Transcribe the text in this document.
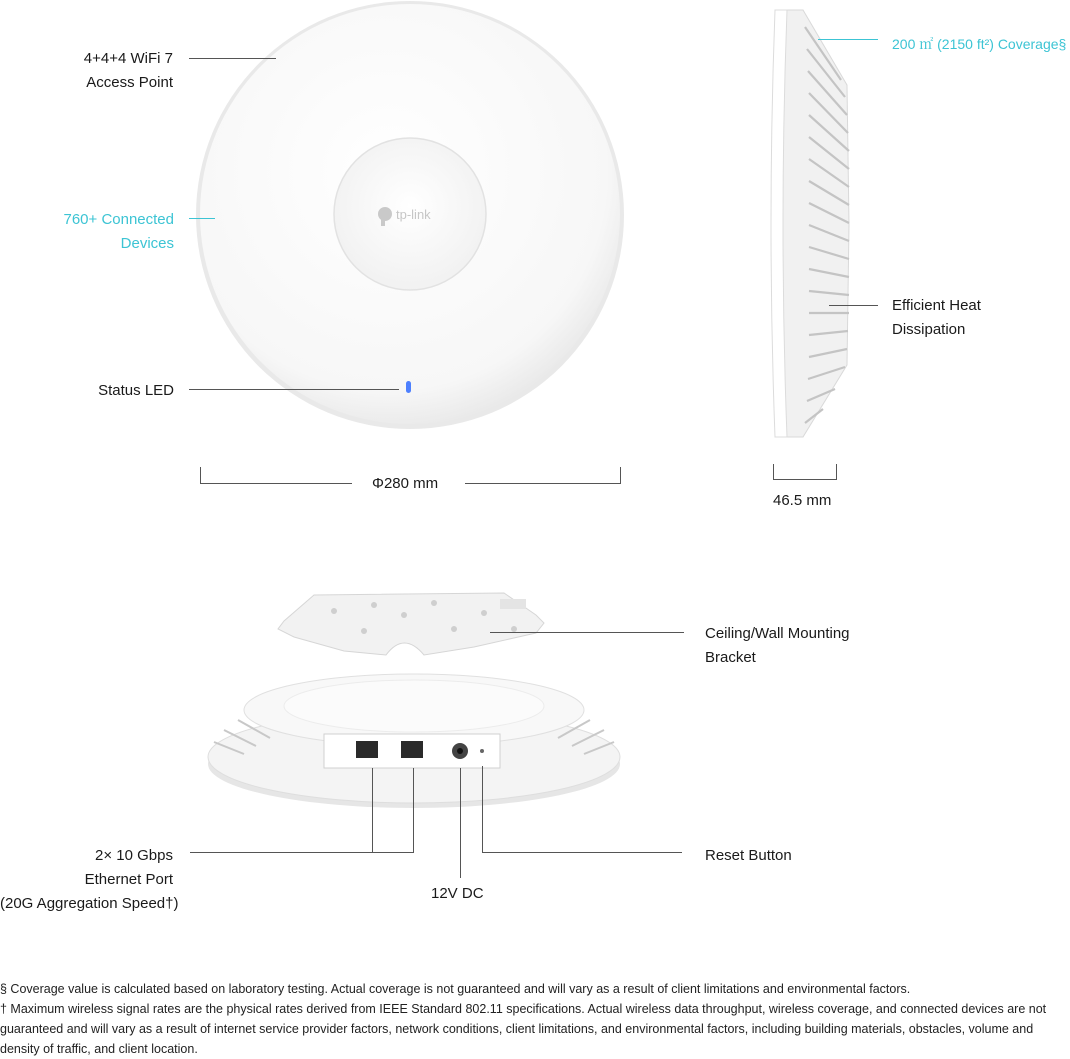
tp-link
4+4+4 WiFi 7
Access Point
760+ Connected
Devices
Status LED
Φ280 mm
200 ㎡ (2150 ft²) Coverage§
Efficient Heat
Dissipation
46.5 mm
Ceiling/Wall Mounting
Bracket
2× 10 Gbps
Ethernet Port
(20G Aggregation Speed†)
12V DC
Reset Button

§ Coverage value is calculated based on laboratory testing. Actual coverage is not guaranteed and will vary as a result of client limitations and environmental factors.

† Maximum wireless signal rates are the physical rates derived from IEEE Standard 802.11 specifications. Actual wireless data throughput, wireless coverage, and connected devices are not guaranteed and will vary as a result of internet service provider factors, network conditions, client limitations, and environmental factors, including building materials, obstacles, volume and density of traffic, and client location.
